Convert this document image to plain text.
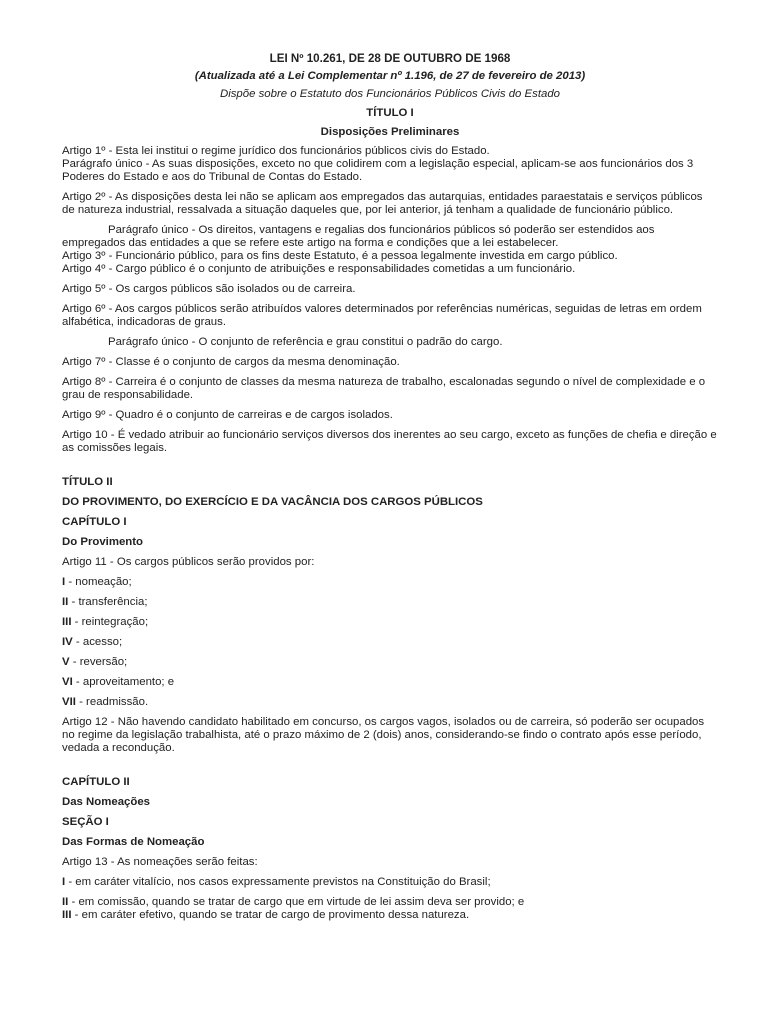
LEI Nº 10.261, DE 28 DE OUTUBRO DE 1968
(Atualizada até a Lei Complementar nº 1.196, de 27 de fevereiro de 2013)
Dispõe sobre o Estatuto dos Funcionários Públicos Civis do Estado
TÍTULO I
Disposições Preliminares
Artigo 1º - Esta lei institui o regime jurídico dos funcionários públicos civis do Estado.
Parágrafo único - As suas disposições, exceto no que colidirem com a legislação especial, aplicam-se aos funcionários dos 3 Poderes do Estado e aos do Tribunal de Contas do Estado.
Artigo 2º - As disposições desta lei não se aplicam aos empregados das autarquias, entidades paraestatais e serviços públicos de natureza industrial, ressalvada a situação daqueles que, por lei anterior, já tenham a qualidade de funcionário público.
Parágrafo único - Os direitos, vantagens e regalias dos funcionários públicos só poderão ser estendidos aos empregados das entidades a que se refere este artigo na forma e condições que a lei estabelecer.
Artigo 3º - Funcionário público, para os fins deste Estatuto, é a pessoa legalmente investida em cargo público.
Artigo 4º - Cargo público é o conjunto de atribuições e responsabilidades cometidas a um funcionário.
Artigo 5º - Os cargos públicos são isolados ou de carreira.
Artigo 6º - Aos cargos públicos serão atribuídos valores determinados por referências numéricas, seguidas de letras em ordem alfabética, indicadoras de graus.
Parágrafo único - O conjunto de referência e grau constitui o padrão do cargo.
Artigo 7º - Classe é o conjunto de cargos da mesma denominação.
Artigo 8º - Carreira é o conjunto de classes da mesma natureza de trabalho, escalonadas segundo o nível de complexidade e o grau de responsabilidade.
Artigo 9º - Quadro é o conjunto de carreiras e de cargos isolados.
Artigo 10 - É vedado atribuir ao funcionário serviços diversos dos inerentes ao seu cargo, exceto as funções de chefia e direção e as comissões legais.
TÍTULO II
DO PROVIMENTO, DO EXERCÍCIO E DA VACÂNCIA DOS CARGOS PÚBLICOS
CAPÍTULO I
Do Provimento
Artigo 11 - Os cargos públicos serão providos por:
I - nomeação;
II - transferência;
III - reintegração;
IV - acesso;
V - reversão;
VI - aproveitamento; e
VII - readmissão.
Artigo 12 - Não havendo candidato habilitado em concurso, os cargos vagos, isolados ou de carreira, só poderão ser ocupados no regime da legislação trabalhista, até o prazo máximo de 2 (dois) anos, considerando-se findo o contrato após esse período, vedada a recondução.
CAPÍTULO II
Das Nomeações
SEÇÃO I
Das Formas de Nomeação
Artigo 13 - As nomeações serão feitas:
I - em caráter vitalício, nos casos expressamente previstos na Constituição do Brasil;
II - em comissão, quando se tratar de cargo que em virtude de lei assim deva ser provido; e
III - em caráter efetivo, quando se tratar de cargo de provimento dessa natureza.
